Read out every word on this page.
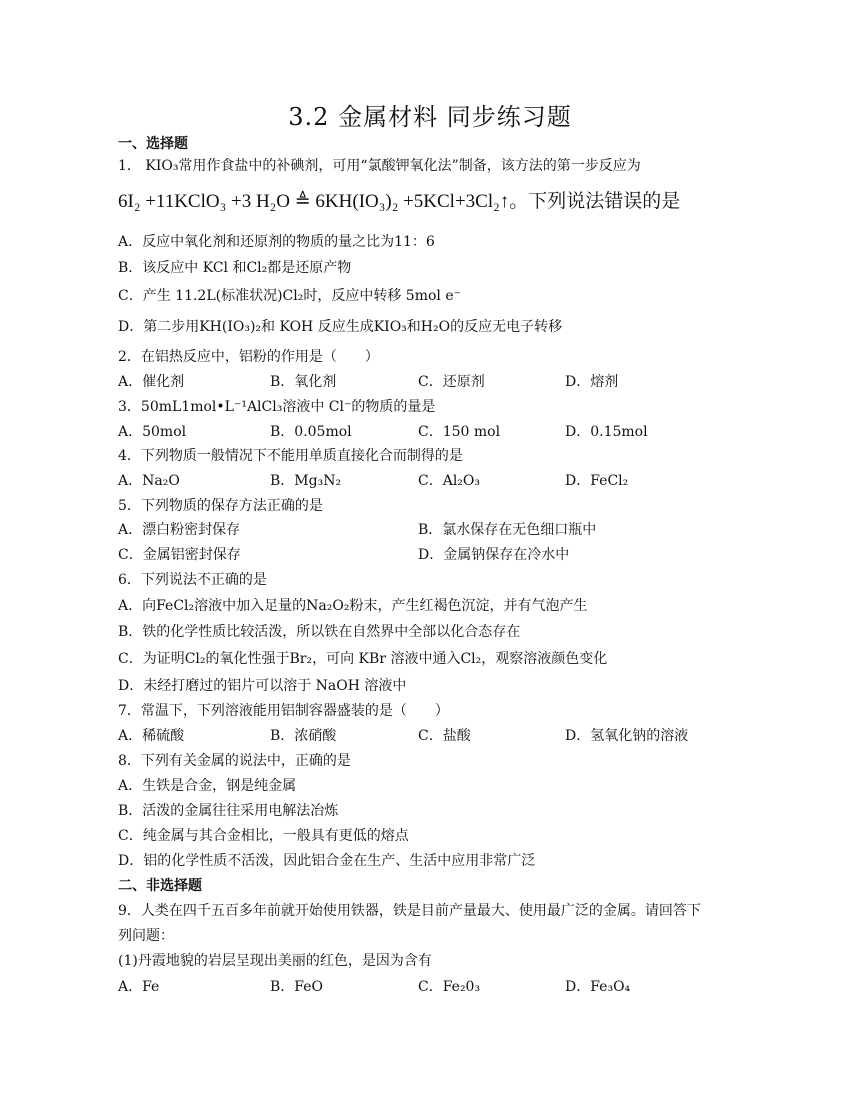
3.2 金属材料 同步练习题
一、选择题
1． KIO₃常用作食盐中的补碘剂，可用“氯酸钾氧化法”制备，该方法的第一步反应为
6I₂ +11KClO₃ +3 H₂O ≜ 6KH(IO₃)₂ +5KCl+3Cl₂↑。下列说法错误的是
A．反应中氧化剂和还原剂的物质的量之比为11：6
B．该反应中 KCl 和Cl₂都是还原产物
C．产生 11.2L(标准状况)Cl₂时，反应中转移 5mol e⁻
D．第二步用KH(IO₃)₂和 KOH 反应生成KIO₃和H₂O的反应无电子转移
2．在铝热反应中，铝粉的作用是（　　）
A．催化剂	B．氧化剂	C．还原剂	D．熔剂
3．50mL1mol•L⁻¹AlCl₃溶液中 Cl⁻的物质的量是
A．50mol	B．0.05mol	C．150 mol	D．0.15mol
4．下列物质一般情况下不能用单质直接化合而制得的是
A．Na₂O	B．Mg₃N₂	C．Al₂O₃	D．FeCl₂
5．下列物质的保存方法正确的是
A．漂白粉密封保存	B．氯水保存在无色细口瓶中
C．金属铝密封保存	D．金属钠保存在冷水中
6．下列说法不正确的是
A．向FeCl₂溶液中加入足量的Na₂O₂粉末，产生红褐色沉淀，并有气泡产生
B．铁的化学性质比较活泼，所以铁在自然界中全部以化合态存在
C．为证明Cl₂的氧化性强于Br₂，可向 KBr 溶液中通入Cl₂，观察溶液颜色变化
D．未经打磨过的铝片可以溶于 NaOH 溶液中
7．常温下，下列溶液能用铝制容器盛装的是（　　）
A．稀硫酸	B．浓硝酸	C．盐酸	D．氢氧化钠的溶液
8．下列有关金属的说法中，正确的是
A．生铁是合金，钢是纯金属
B．活泼的金属往往采用电解法冶炼
C．纯金属与其合金相比，一般具有更低的熔点
D．铝的化学性质不活泼，因此铝合金在生产、生活中应用非常广泛
二、非选择题
9．人类在四千五百多年前就开始使用铁器，铁是目前产量最大、使用最广泛的金属。请回答下
列问题：
(1)丹霞地貌的岩层呈现出美丽的红色，是因为含有
A．Fe	B．FeO	C．Fe₂0₃	D．Fe₃O₄
